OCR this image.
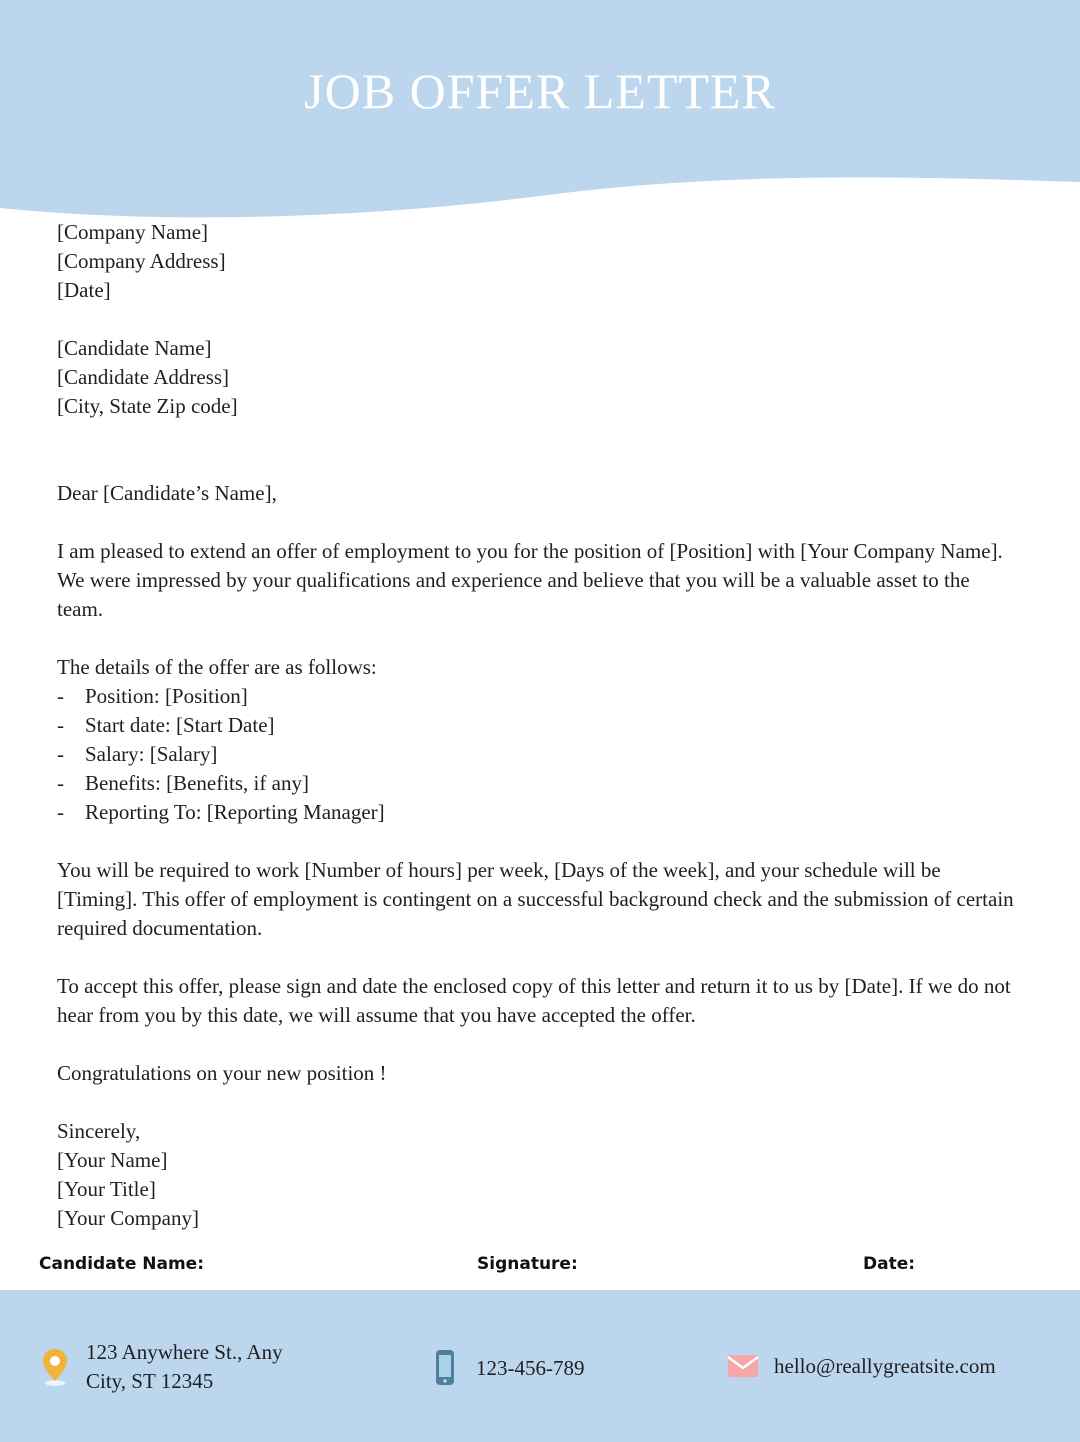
JOB OFFER LETTER
[Company Name]
[Company Address]
[Date]
[Candidate Name]
[Candidate Address]
[City, State Zip code]
Dear [Candidate’s Name],
I am pleased to extend an offer of employment to you for the position of [Position] with [Your Company Name]. We were impressed by your qualifications and experience and believe that you will be a valuable asset to the team.
The details of the offer are as follows:
-	Position: [Position]
-	Start date: [Start Date]
-	Salary: [Salary]
-	Benefits: [Benefits, if any]
-	Reporting To: [Reporting Manager]
You will be required to work [Number of hours] per week, [Days of the week], and your schedule will be [Timing]. This offer of employment is contingent on a successful background check and the submission of certain required documentation.
To accept this offer, please sign and date the enclosed copy of this letter and return it to us by [Date]. If we do not hear from you by this date, we will assume that you have accepted the offer.
Congratulations on your new position !
Sincerely,
[Your Name]
[Your Title]
[Your Company]
Candidate Name:	Signature:	Date:
123 Anywhere St., Any
City, ST 12345
123-456-789	hello@reallygreatsite.com
